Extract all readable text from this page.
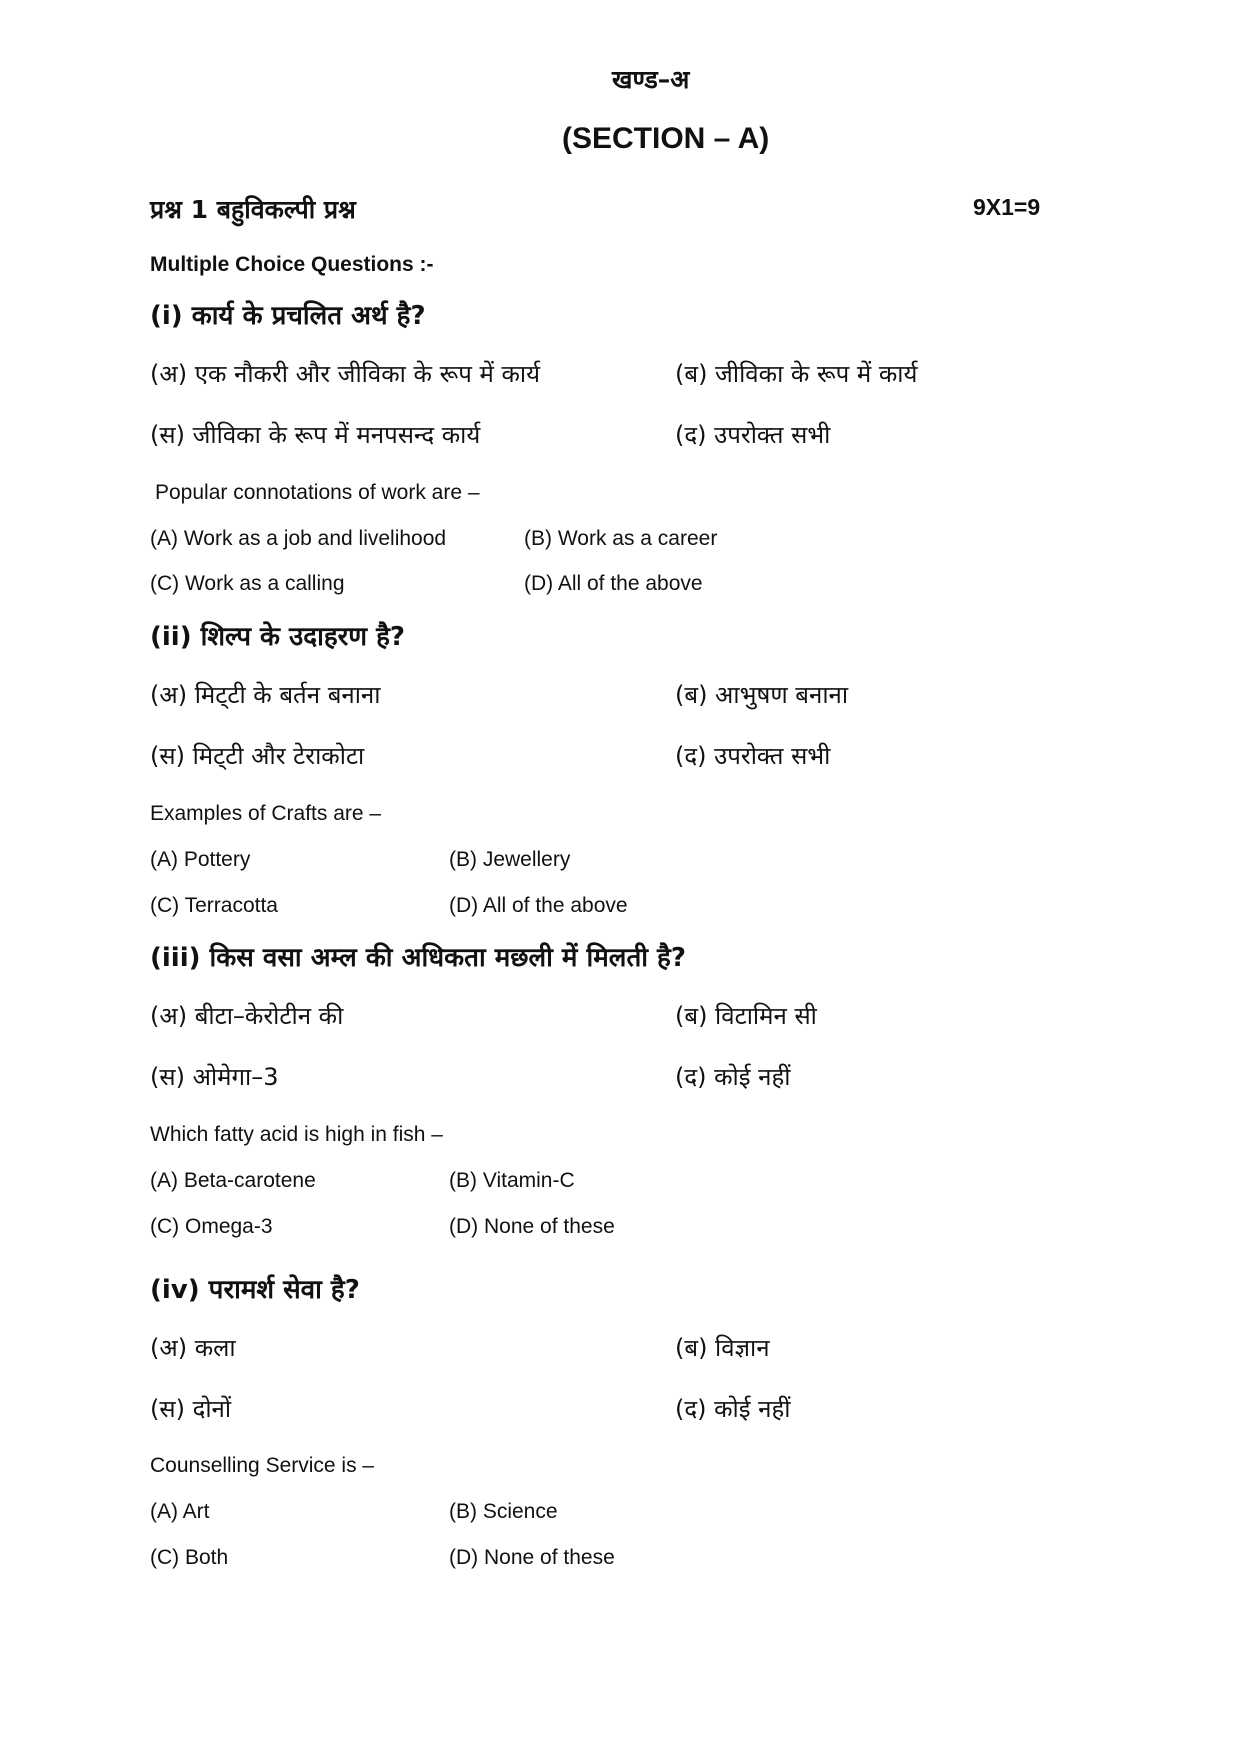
खण्ड–अ
(SECTION – A)
प्रश्न 1 बहुविकल्पी प्रश्न	9X1=9
Multiple Choice Questions :-
(i) कार्य के प्रचलित अर्थ है?
(अ) एक नौकरी और जीविका के रूप में कार्य	(ब) जीविका के रूप में कार्य
(स) जीविका के रूप में मनपसन्द कार्य	(द) उपरोक्त सभी
Popular connotations of work are –
(A) Work as a job and livelihood	(B) Work as a career
(C) Work as a calling	(D) All of the above
(ii) शिल्प के उदाहरण है?
(अ) मिट्‌टी के बर्तन बनाना	(ब) आभुषण बनाना
(स) मिट्‌टी और टेराकोटा	(द) उपरोक्त सभी
Examples of Crafts are –
(A) Pottery	(B) Jewellery
(C) Terracotta	(D) All of the above
(iii) किस वसा अम्ल की अधिकता मछली में मिलती है?
(अ) बीटा–केरोटीन की	(ब) विटामिन सी
(स) ओमेगा–3	(द) कोई नहीं
Which fatty acid is high in fish –
(A) Beta-carotene	(B) Vitamin-C
(C) Omega-3	(D) None of these
(iv) परामर्श सेवा है?
(अ) कला	(ब) विज्ञान
(स) दोनों	(द) कोई नहीं
Counselling Service is –
(A) Art	(B) Science
(C) Both	(D) None of these
